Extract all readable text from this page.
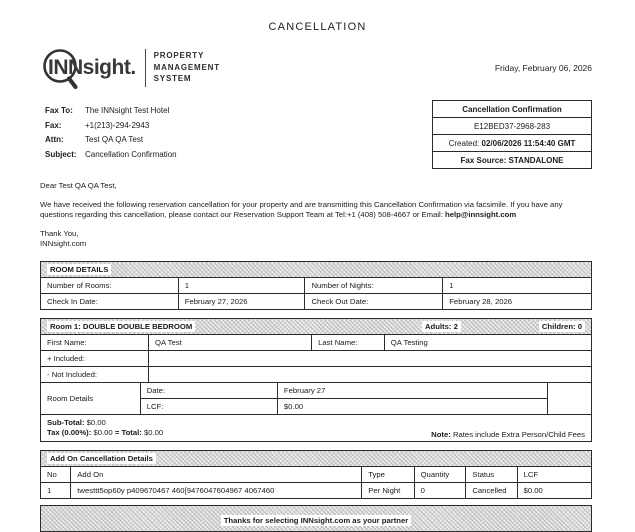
CANCELLATION
INNsight. PROPERTY
MANAGEMENT
SYSTEM
Friday, February 06, 2026
Fax To: The INNsight Test Hotel
Fax:	+1(213)-294-2943
Attn:	Test QA QA Test
Subject: Cancellation Confirmation
Cancellation Confirmation
E12BED37-2968-283
Created: 02/06/2026 11:54:40 GMT
Fax Source: STANDALONE

Dear Test QA QA Test,

We have received the following reservation cancellation for your property and are transmitting this Cancellation Confirmation via facsimile. If you have any questions regarding this cancellation, please contact our Reservation Support Team at Tel:+1 (408) 508-4667 or Email: help@innsight.com

Thank You,
INNsight.com

ROOM DETAILS			
Number of Rooms:	1	Number of Nights:	1
Check In Date:	February 27, 2026	Check Out Date:	February 28, 2026
Room 1: DOUBLE DOUBLE BEDROOM Adults: 2 Children: 0			

First Name:	QA Test	Last Name:	QA Testing
+ Included:			
- Not Included:			
Room Details	Date:	February 27	
	LCF:	$0.00	
Sub-Total: $0.00
Tax (0.00%): $0.00 = Total: $0.00	Note: Rates include Extra Person/Child Fees
Add On Cancellation Details					
No	Add On	Type	Quantity	Status	LCF
1	twesttt5op60y p409670467 460[9476047604967 4067460	Per Night	0	Cancelled	$0.00
Thanks for selecting INNsight.com as your partner
